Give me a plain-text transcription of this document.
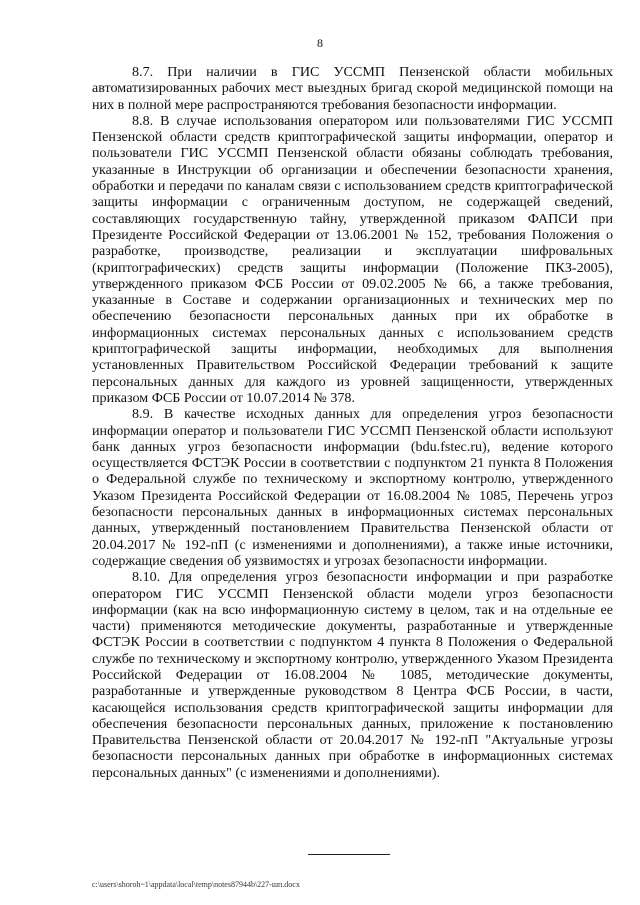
8

8.7. При наличии в ГИС УССМП Пензенской области мобильных автоматизированных рабочих мест выездных бригад скорой медицинской помощи на них в полной мере распространяются требования безопасности информации.

8.8. В случае использования оператором или пользователями ГИС УССМП Пензенской области средств криптографической защиты информации, оператор и пользователи ГИС УССМП Пензенской области обязаны соблюдать требования, указанные в Инструкции об организации и обеспечении безопасности хранения, обработки и передачи по каналам связи с использованием средств криптографической защиты информации с ограниченным доступом, не содержащей сведений, составляющих государственную тайну, утвержденной приказом ФАПСИ при Президенте Российской Федерации от 13.06.2001 № 152, требования Положения о разработке, производстве, реализации и эксплуатации шифровальных (криптографических) средств защиты информации (Положение ПКЗ-2005), утвержденного приказом ФСБ России от 09.02.2005 № 66, а также требования, указанные в Составе и содержании организационных и технических мер по обеспечению безопасности персональных данных при их обработке в информационных системах персональных данных с использованием средств криптографической защиты информации, необходимых для выполнения установленных Правительством Российской Федерации требований к защите персональных данных для каждого из уровней защищенности, утвержденных приказом ФСБ России от 10.07.2014 № 378.

8.9. В качестве исходных данных для определения угроз безопасности информации оператор и пользователи ГИС УССМП Пензенской области используют банк данных угроз безопасности информации (bdu.fstec.ru), ведение которого осуществляется ФСТЭК России в соответствии с подпунктом 21 пункта 8 Положения о Федеральной службе по техническому и экспортному контролю, утвержденного Указом Президента Российской Федерации от 16.08.2004 № 1085, Перечень угроз безопасности персональных данных в информационных системах персональных данных, утвержденный постановлением Правительства Пензенской области от 20.04.2017 № 192-пП (с изменениями и дополнениями), а также иные источники, содержащие сведения об уязвимостях и угрозах безопасности информации.

8.10. Для определения угроз безопасности информации и при разработке оператором ГИС УССМП Пензенской области модели угроз безопасности информации (как на всю информационную систему в целом, так и на отдельные ее части) применяются методические документы, разработанные и утвержденные ФСТЭК России в соответствии с подпунктом 4 пункта 8 Положения о Федеральной службе по техническому и экспортному контролю, утвержденного Указом Президента Российской Федерации от 16.08.2004 № 1085, методические документы, разработанные и утвержденные руководством 8 Центра ФСБ России, в части, касающейся использования средств криптографической защиты информации для обеспечения безопасности персональных данных, приложение к постановлению Правительства Пензенской области от 20.04.2017 № 192-пП "Актуальные угрозы безопасности персональных данных при обработке в информационных системах персональных данных" (с изменениями и дополнениями).

c:\users\shoroh~1\appdata\local\temp\notes87944b\227-шп.docx
